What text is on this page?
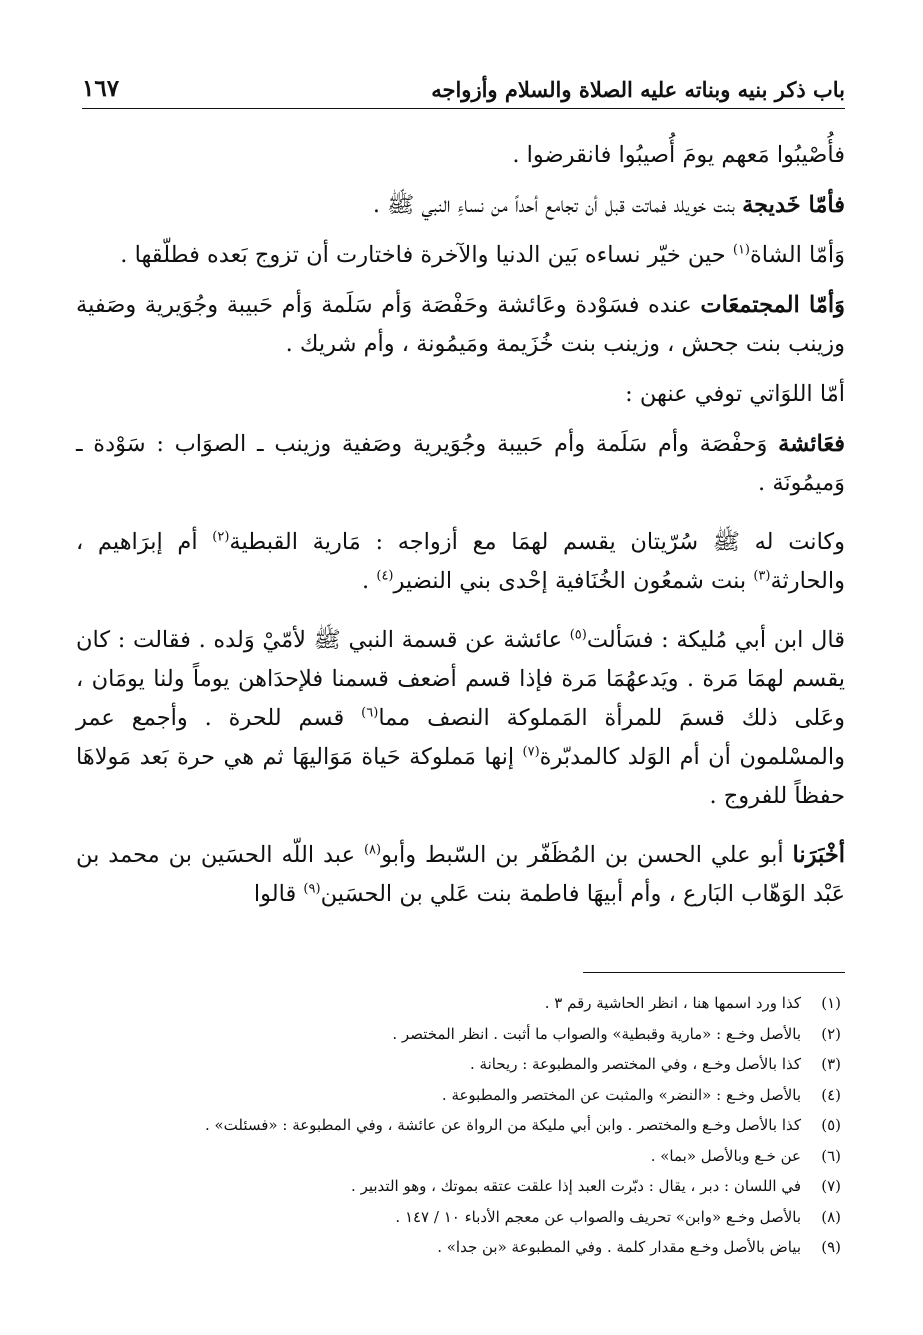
باب ذكر بنيه وبناته عليه الصلاة والسلام وأزواجه
١٦٧

فأُصْيبُوا مَعهم يومَ أُصيبُوا فانقرضوا .

فأمّا خَديجة بنت خويلد فماتت قبل أن تجامع أحداً من نساءِ النبي ﷺ .

وَأمّا الشاة$^{(١)}$ حين خيّر نساءه بَين الدنيا والآخرة فاختارت أن تزوج بَعده فطلّقها .

وَأمّا المجتمعَات عنده فسَوْدة وعَائشة وحَفْصَة وَأم سَلَمة وَأم حَبيبة وجُوَيرية وصَفية وزينب بنت جحش ، وزينب بنت خُزَيمة ومَيمُونة ، وأم شريك .

أمّا اللوَاتي توفي عنهن :

فعَائشة وَحفْصَة وأم سَلَمة وأم حَبيبة وجُوَيرية وصَفية وزينب ـ الصوَاب : سَوْدة ـ وَميمُونَة .

وكانت له ﷺ سُرّيتان يقسم لهمَا مع أزواجه : مَارية القبطية$^{(٢)}$ أم إبرَاهيم ، والحارثة$^{(٣)}$ بنت شمعُون الخُنَافية إحْدى بني النضير$^{(٤)}$ .

قال ابن أبي مُليكة : فسَألت$^{(٥)}$ عائشة عن قسمة النبي ﷺ لأمّيْ وَلده . فقالت : كان يقسم لهمَا مَرة . ويَدعهُمَا مَرة فإذا قسم أضعف قسمنا فلإحدَاهن يوماً ولنا يومَان ، وعَلى ذلك قسمَ للمرأة المَملوكة النصف مما$^{(٦)}$ قسم للحرة . وأجمع عمر والمسْلمون أن أم الوَلد كالمدبّرة$^{(٧)}$ إنها مَملوكة حَياة مَوَاليهَا ثم هي حرة بَعد مَولاهَا حفظاً للفروج .

أخْبَرَنا أبو علي الحسن بن المُظَفّر بن السّبط وأبو$^{(٨)}$ عبد اللّه الحسَين بن محمد بن عَبْد الوَهّاب البَارع ، وأم أبيهَا فاطمة بنت عَلي بن الحسَين$^{(٩)}$ قالوا

(١)
كذا ورد اسمها هنا ، انظر الحاشية رقم ٣ .
(٢)
بالأصل وخـع : «مارية وقبطية» والصواب ما أثبت . انظر المختصر .
(٣)
كذا بالأصل وخـع ، وفي المختصر والمطبوعة : ريحانة .
(٤)
بالأصل وخـع : «النضر» والمثبت عن المختصر والمطبوعة .
(٥)
كذا بالأصل وخـع والمختصر . وابن أبي مليكة من الرواة عن عائشة ، وفي المطبوعة : «فسئلت» .
(٦)
عن خـع وبالأصل «بما» .
(٧)
في اللسان : دبر ، يقال : دبّرت العبد إذا علقت عتقه بموتك ، وهو التدبير .
(٨)
بالأصل وخـع «وابن» تحريف والصواب عن معجم الأدباء ١٠ / ١٤٧ .
(٩)
بياض بالأصل وخـع مقدار كلمة . وفي المطبوعة «بن جدا» .
